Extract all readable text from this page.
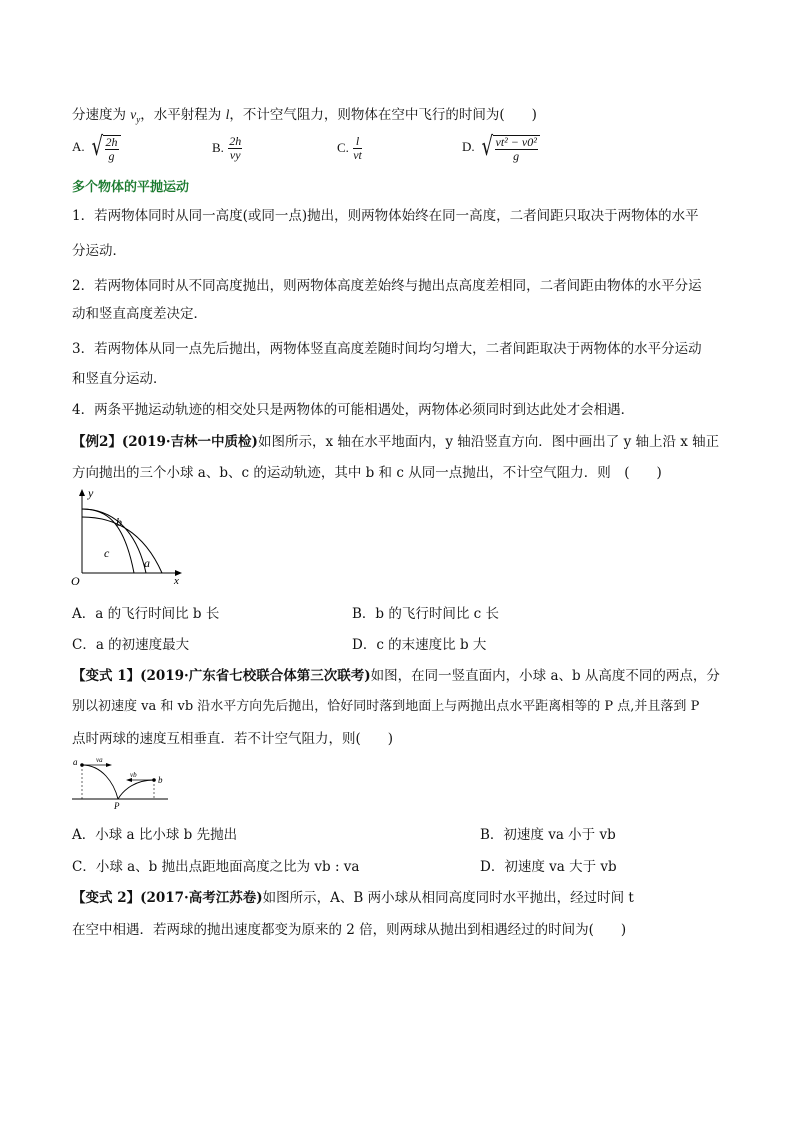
分速度为 $v_y$，水平射程为 l，不计空气阻力，则物体在空中飞行的时间为(　　)
A. √ $\frac{2h}{g}$	B. $\frac{2h}{vy}$	C. $\frac{l}{vt}$	D. √ $\frac{\text{vt² − v0²}}{g}$
多个物体的平抛运动
1．若两物体同时从同一高度(或同一点)抛出，则两物体始终在同一高度，二者间距只取决于两物体的水平
分运动．
2．若两物体同时从不同高度抛出，则两物体高度差始终与抛出点高度差相同，二者间距由物体的水平分运
动和竖直高度差决定．
3．若两物体从同一点先后抛出，两物体竖直高度差随时间均匀增大，二者间距取决于两物体的水平分运动
和竖直分运动．
4．两条平抛运动轨迹的相交处只是两物体的可能相遇处，两物体必须同时到达此处才会相遇．
【例2】(2019·吉林一中质检)如图所示，x 轴在水平地面内，y 轴沿竖直方向．图中画出了 y 轴上沿 x 轴正
方向抛出的三个小球 a、b、c 的运动轨迹，其中 b 和 c 从同一点抛出，不计空气阻力．则　(　　)
y
x
O
b
c
a
A．a 的飞行时间比 b 长	B．b 的飞行时间比 c 长
C．a 的初速度最大	D．c 的末速度比 b 大
【变式 1】(2019·广东省七校联合体第三次联考)如图，在同一竖直面内，小球 a、b 从高度不同的两点，分
别以初速度 va 和 vb 沿水平方向先后抛出，恰好同时落到地面上与两抛出点水平距离相等的 P 点,并且落到 P
点时两球的速度互相垂直．若不计空气阻力，则(　　)
a
b
P
va
vb
A．小球 a 比小球 b 先抛出	B．初速度 va 小于 vb
C．小球 a、b 抛出点距地面高度之比为 vb : va	D．初速度 va 大于 vb
【变式 2】(2017·高考江苏卷)如图所示，A、B 两小球从相同高度同时水平抛出，经过时间 t
在空中相遇．若两球的抛出速度都变为原来的 2 倍，则两球从抛出到相遇经过的时间为(　　)
